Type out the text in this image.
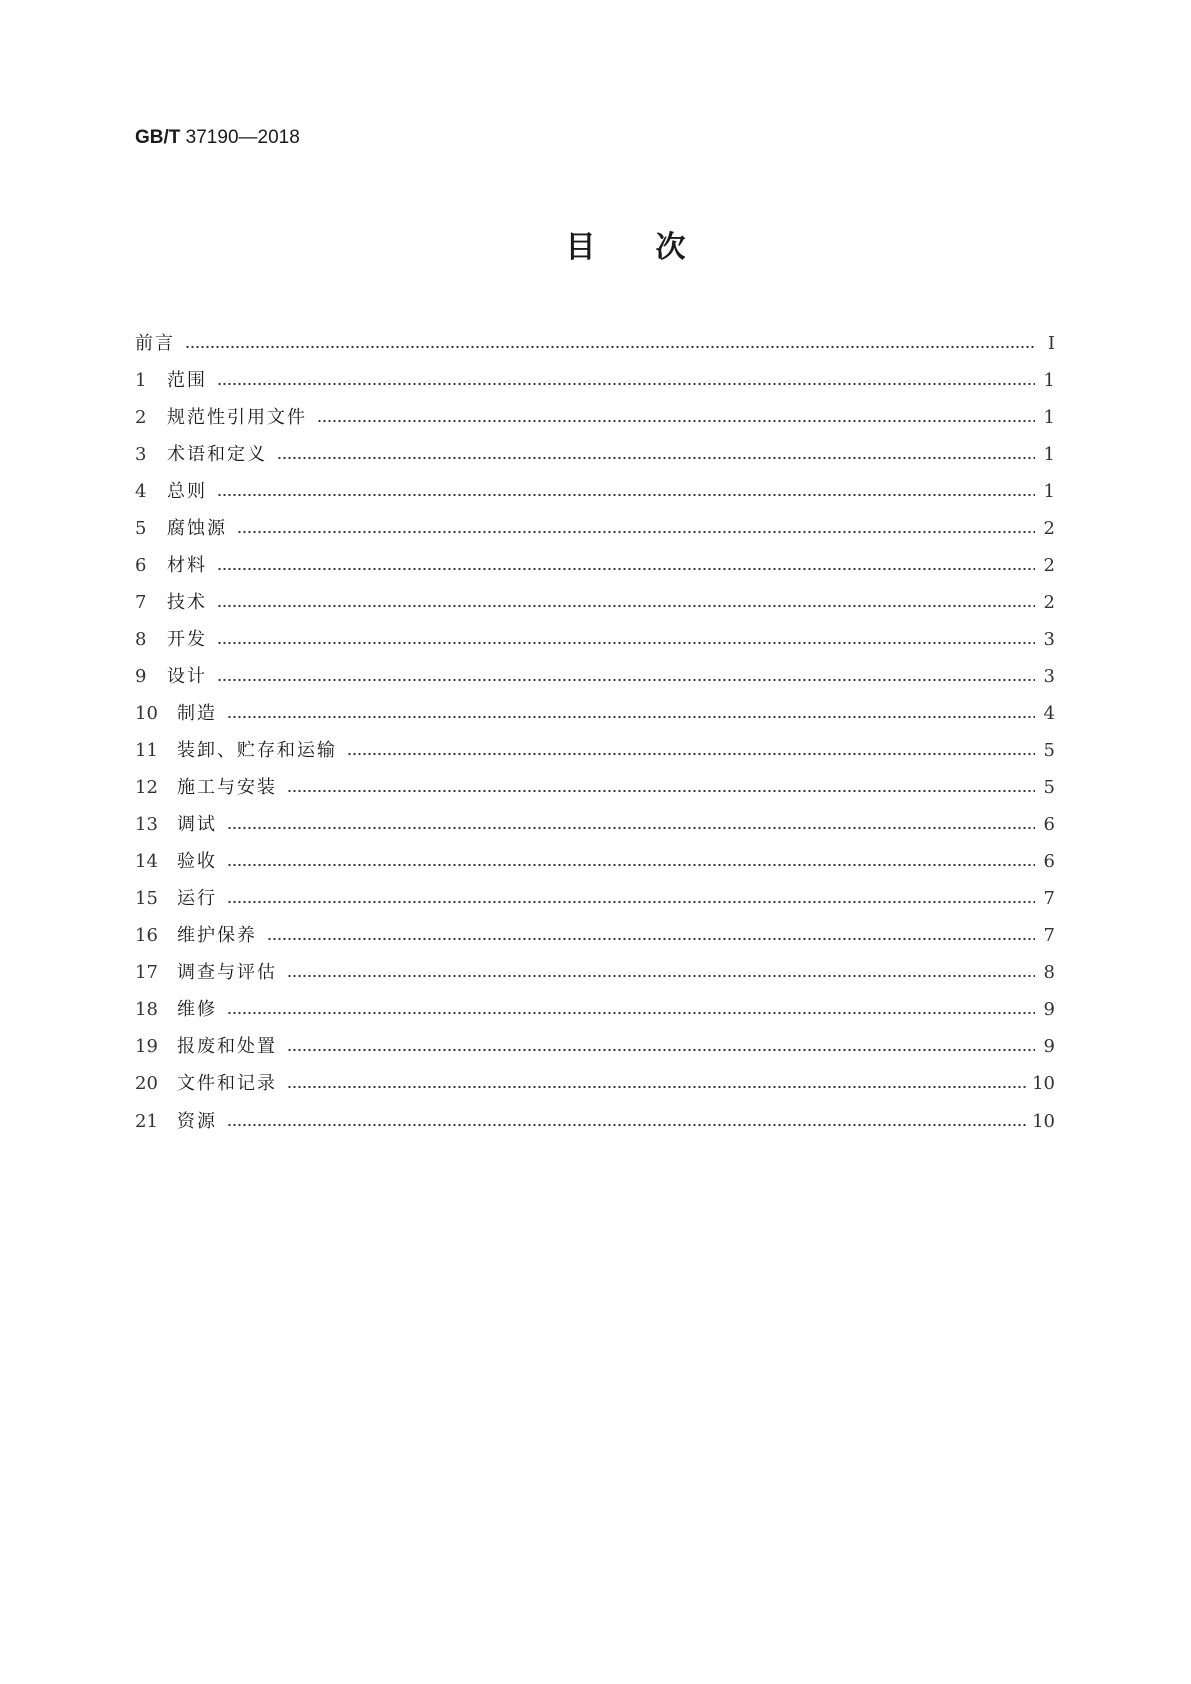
GB/T 37190—2018
目次
前言	Ⅰ
1	范围	1
2	规范性引用文件	1
3	术语和定义	1
4	总则	1
5	腐蚀源	2
6	材料	2
7	技术	2
8	开发	3
9	设计	3
10	制造	4
11	装卸、贮存和运输	5
12	施工与安装	5
13	调试	6
14	验收	6
15	运行	7
16	维护保养	7
17	调查与评估	8
18	维修	9
19	报废和处置	9
20	文件和记录	10
21	资源	10
